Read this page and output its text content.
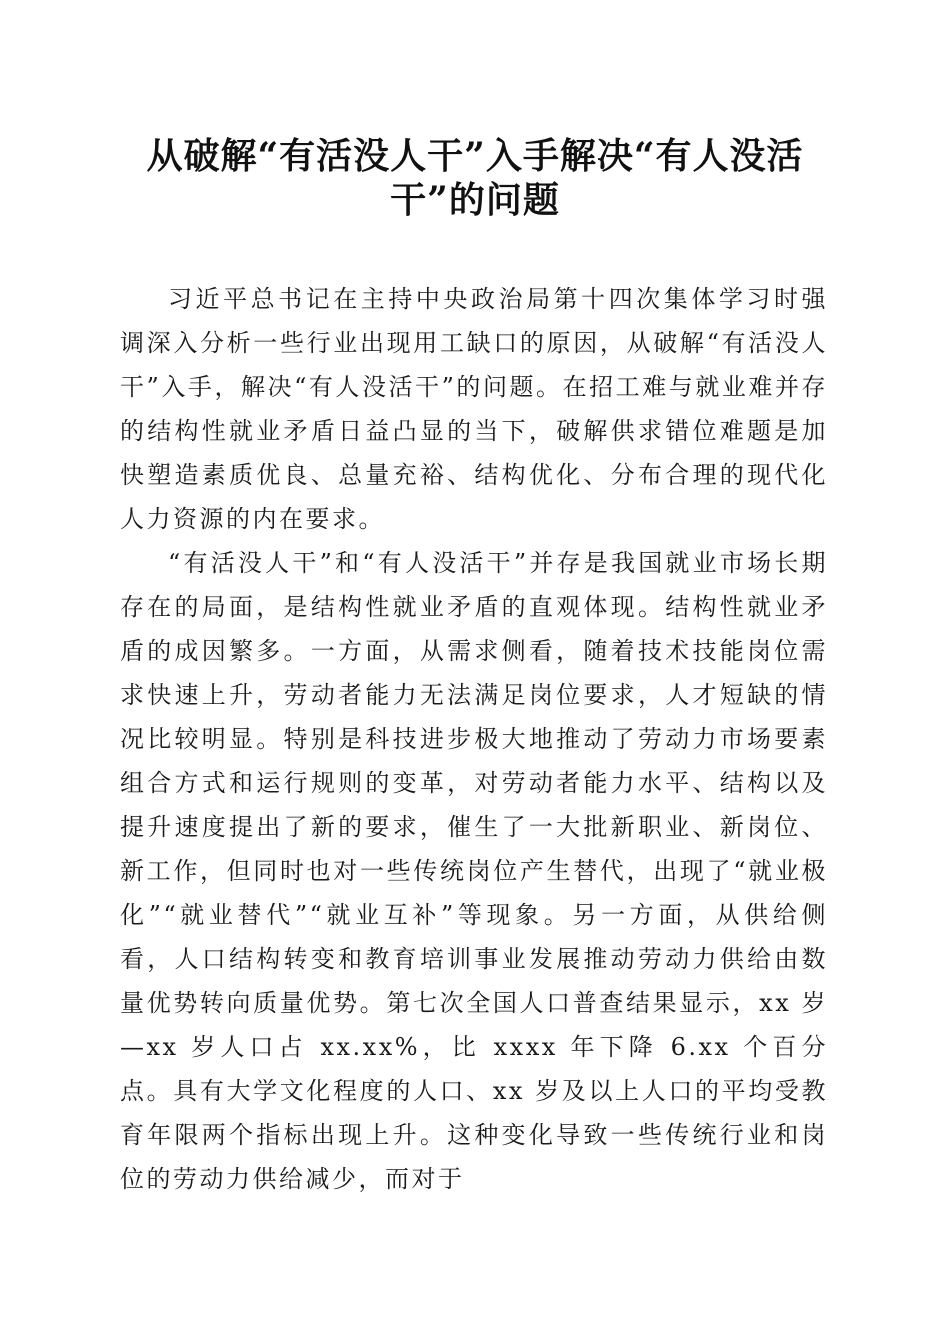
从破解“有活没人干”入手解决“有人没活
干”的问题

习近平总书记在主持中央政治局第十四次集体学习时强调深入分析一些行业出现用工缺口的原因，从破解“有活没人干”入手，解决“有人没活干”的问题。在招工难与就业难并存的结构性就业矛盾日益凸显的当下，破解供求错位难题是加快塑造素质优良、总量充裕、结构优化、分布合理的现代化人力资源的内在要求。

“有活没人干”和“有人没活干”并存是我国就业市场长期存在的局面，是结构性就业矛盾的直观体现。结构性就业矛盾的成因繁多。一方面，从需求侧看，随着技术技能岗位需求快速上升，劳动者能力无法满足岗位要求，人才短缺的情况比较明显。特别是科技进步极大地推动了劳动力市场要素组合方式和运行规则的变革，对劳动者能力水平、结构以及提升速度提出了新的要求，催生了一大批新职业、新岗位、新工作，但同时也对一些传统岗位产生替代，出现了“就业极化”“就业替代”“就业互补”等现象。另一方面，从供给侧看，人口结构转变和教育培训事业发展推动劳动力供给由数量优势转向质量优势。第七次全国人口普查结果显示，xx 岁—xx 岁人口占 xx.xx%，比 xxxx 年下降 6.xx 个百分点。具有大学文化程度的人口、xx 岁及以上人口的平均受教育年限两个指标出现上升。这种变化导致一些传统行业和岗位的劳动力供给减少，而对于
